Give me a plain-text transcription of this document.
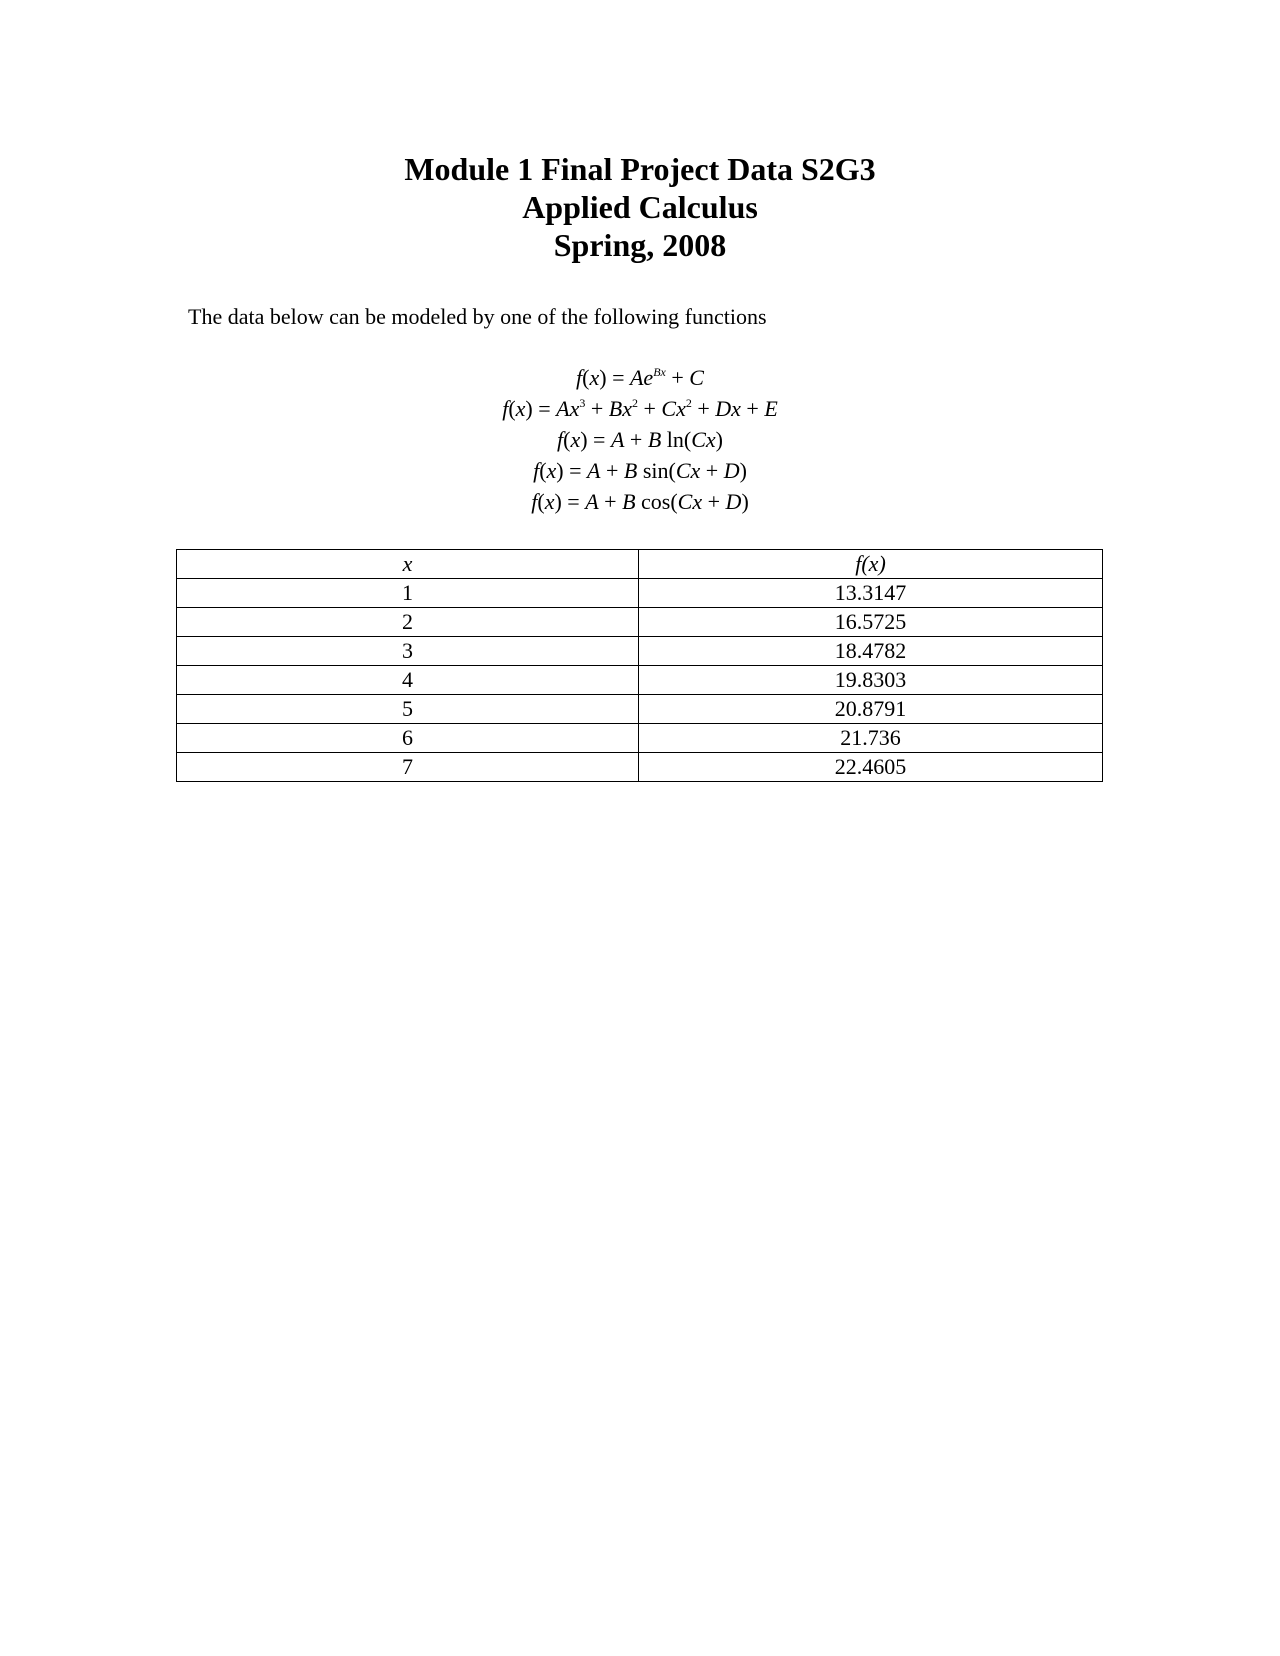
Module 1 Final Project Data S2G3
Applied Calculus
Spring, 2008
The data below can be modeled by one of the following functions
$f(x) = Ae^{Bx} + C$
$f(x) = Ax^3 + Bx^2 + Cx^2 + Dx + E$
f(x) = A + B ln(Cx)
f(x) = A + B sin(Cx + D)
f(x) = A + B cos(Cx + D)
x	f(x)
1	13.3147
2	16.5725
3	18.4782
4	19.8303
5	20.8791
6	21.736
7	22.4605
